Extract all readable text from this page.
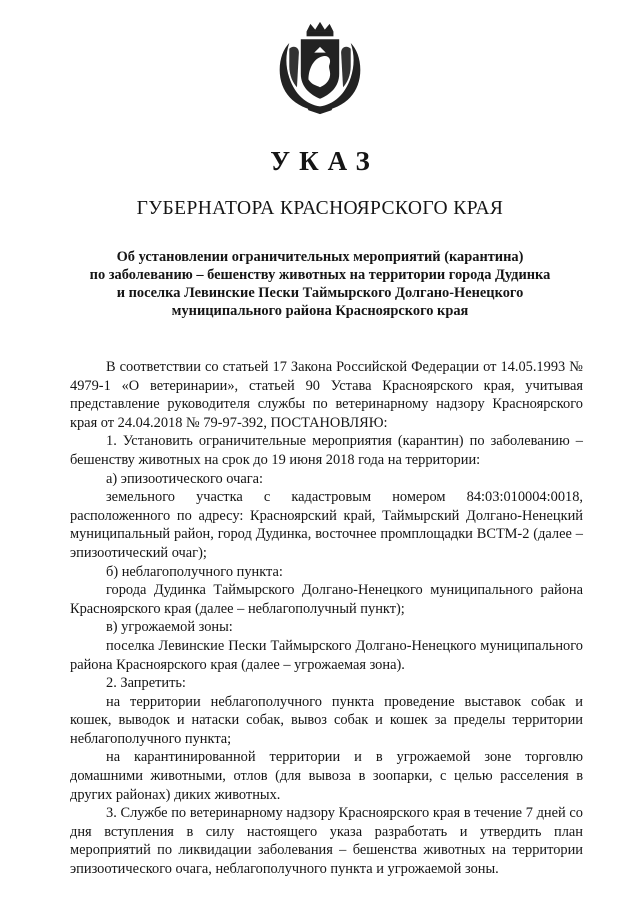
УКАЗ
ГУБЕРНАТОРА КРАСНОЯРСКОГО КРАЯ
Об установлении ограничительных мероприятий (карантина)
по заболеванию – бешенству животных на территории города Дудинка
и поселка Левинские Пески Таймырского Долгано-Ненецкого
муниципального района Красноярского края

В соответствии со статьей 17 Закона Российской Федерации от 14.05.1993 № 4979-1 «О ветеринарии», статьей 90 Устава Красноярского края, учитывая представление руководителя службы по ветеринарному надзору Красноярского края от 24.04.2018 № 79-97-392, ПОСТАНОВЛЯЮ:

1. Установить ограничительные мероприятия (карантин) по заболеванию – бешенству животных на срок до 19 июня 2018 года на территории:

а) эпизоотического очага:

земельного участка с кадастровым номером 84:03:010004:0018, расположенного по адресу: Красноярский край, Таймырский Долгано-Ненецкий муниципальный район, город Дудинка, восточнее промплощадки ВСТМ-2 (далее – эпизоотический очаг);

б) неблагополучного пункта:

города Дудинка Таймырского Долгано-Ненецкого муниципального района Красноярского края (далее – неблагополучный пункт);

в) угрожаемой зоны:

поселка Левинские Пески Таймырского Долгано-Ненецкого муниципального района Красноярского края (далее – угрожаемая зона).

2. Запретить:

на территории неблагополучного пункта проведение выставок собак и кошек, выводок и натаски собак, вывоз собак и кошек за пределы территории неблагополучного пункта;

на карантинированной территории и в угрожаемой зоне торговлю домашними животными, отлов (для вывоза в зоопарки, с целью расселения в других районах) диких животных.

3. Службе по ветеринарному надзору Красноярского края в течение 7 дней со дня вступления в силу настоящего указа разработать и утвердить план мероприятий по ликвидации заболевания – бешенства животных на территории эпизоотического очага, неблагополучного пункта и угрожаемой зоны.
